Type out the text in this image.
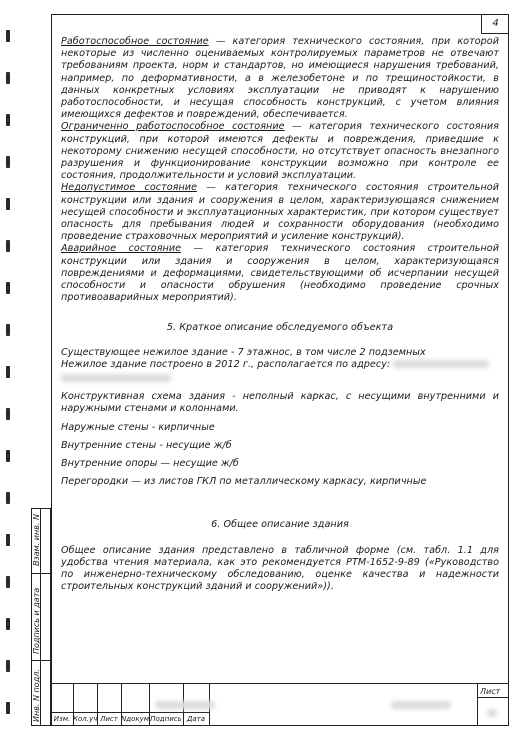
4
Взам. инв. N
Подпись и дата
Инв. N подл.

Работоспособное состояние — категория технического состояния, при которой некоторые из численно оцениваемых контролируемых параметров не отвечают требованиям проекта, норм и стандартов, но имеющиеся нарушения требований, например, по деформативности, а в железобетоне и по трещиностойкости, в данных конкретных условиях эксплуатации не приводят к нарушению работоспособности, и несущая способность конструкций, с учетом влияния имеющихся дефектов и повреждений, обеспечивается.

Ограниченно работоспособное состояние — категория технического состояния конструкций, при которой имеются дефекты и повреждения, приведшие к некоторому снижению несущей способности, но отсутствует опасность внезапного разрушения и функционирование конструкции возможно при контроле ее состояния, продолжительности и условий эксплуатации.

Недопустимое состояние — категория технического состояния строительной конструкции или здания и сооружения в целом, характеризующаяся снижением несущей способности и эксплуатационных характеристик, при котором существует опасность для пребывания людей и сохранности оборудования (необходимо проведение страховочных мероприятий и усиление конструкций).

Аварийное состояние — категория технического состояния строительной конструкции или здания и сооружения в целом, характеризующаяся повреждениями и деформациями, свидетельствующими об исчерпании несущей способности и опасности обрушения (необходимо проведение срочных противоаварийных мероприятий).

5. Краткое описание обследуемого объекта

Существующее нежилое здание - 7 этажнос, в том числе 2 подземных

Нежилое здание построено в 2012 г., располагается по адресу:

Конструктивная схема здания - неполный каркас, с несущими внутренними и наружными стенами и колоннами.

Наружные стены - кирпичные

Внутренние стены - несущие ж/б

Внутренние опоры — несущие ж/б

Перегородки — из листов ГКЛ по металлическому каркасу, кирпичные

6. Общее описание здания

Общее описание здания представлено в табличной форме (см. табл. 1.1 для удобства чтения материала, как это рекомендуется РТМ-1652-9-89 («Руководство по инженерно-техническому обследованию, оценке качества и надежности строительных конструкций зданий и сооружений»)).

Изм. Кол.уч Лист Nдокум. Подпись Дата
Лист
